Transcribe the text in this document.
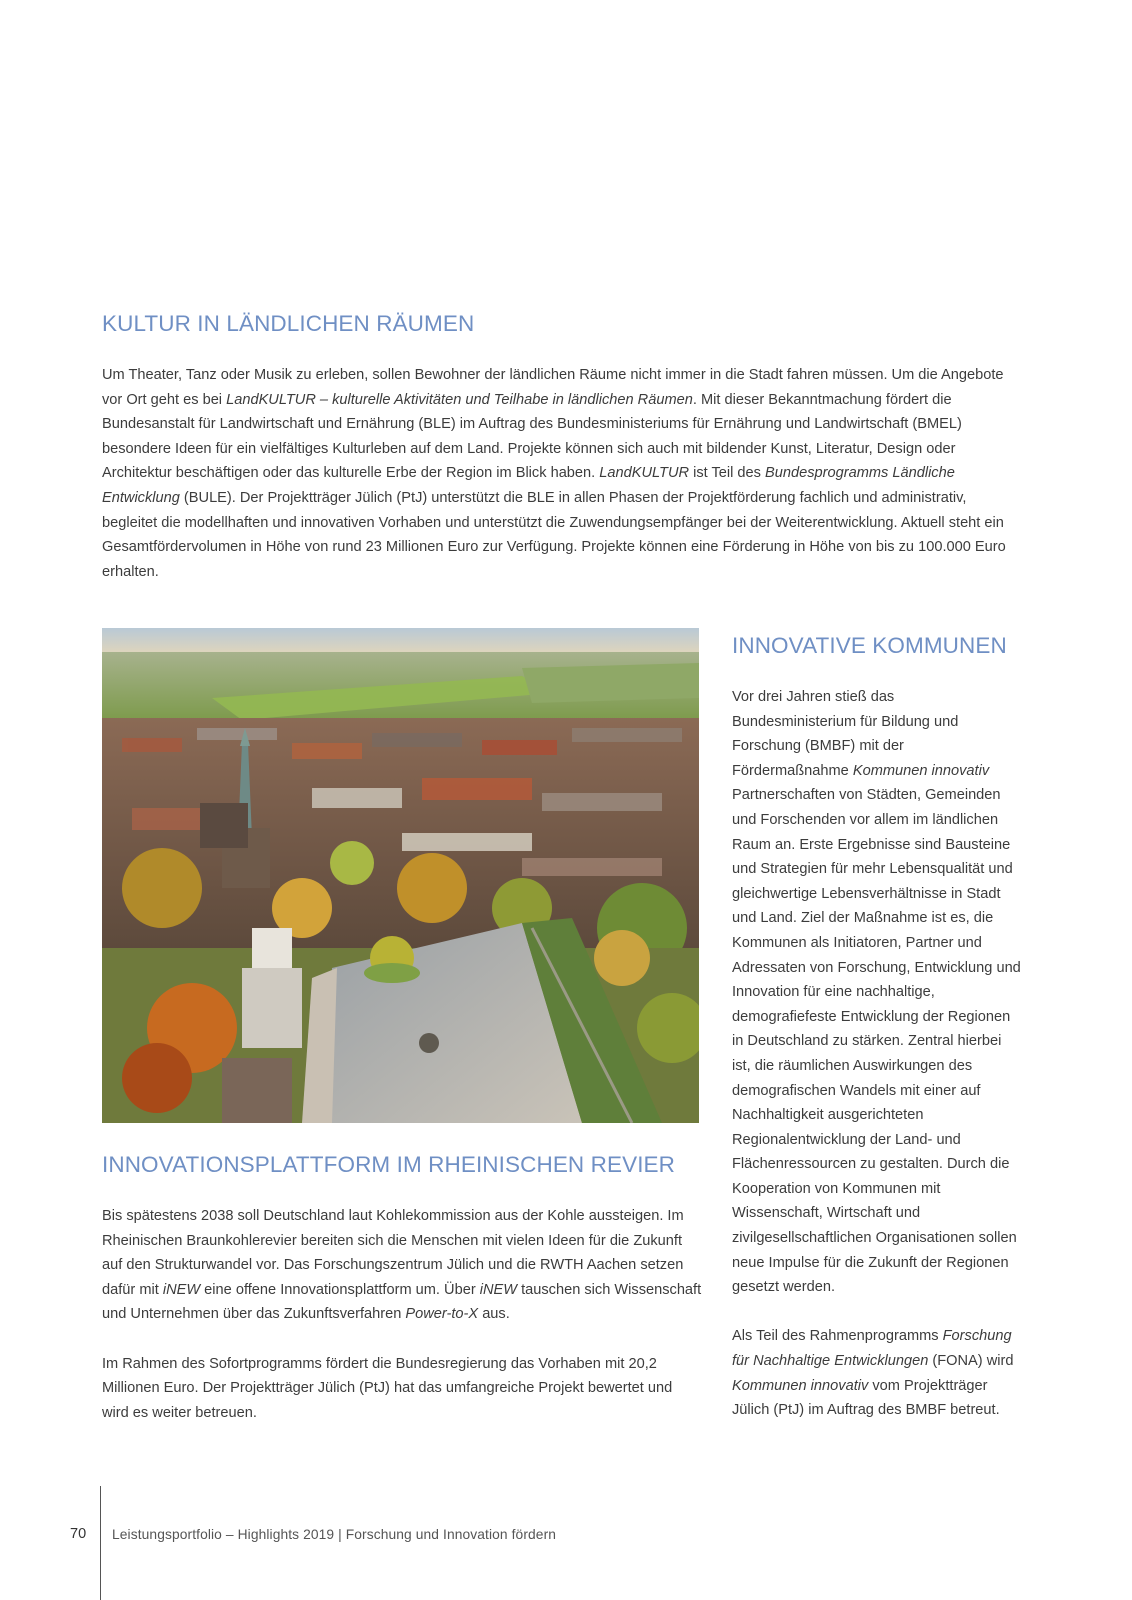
KULTUR IN LÄNDLICHEN RÄUMEN

Um Theater, Tanz oder Musik zu erleben, sollen Bewohner der ländlichen Räume nicht immer in die Stadt fahren müssen. Um die Angebote vor Ort geht es bei LandKULTUR – kulturelle Aktivitäten und Teilhabe in ländlichen Räumen. Mit dieser Bekanntmachung fördert die Bundesanstalt für Landwirtschaft und Ernährung (BLE) im Auftrag des Bundesministeriums für Ernährung und Landwirtschaft (BMEL) besondere Ideen für ein vielfältiges Kulturleben auf dem Land. Projekte können sich auch mit bildender Kunst, Literatur, Design oder Architektur beschäftigen oder das kulturelle Erbe der Region im Blick haben. LandKULTUR ist Teil des Bundesprogramms Ländliche Entwicklung (BULE). Der Projektträger Jülich (PtJ) unterstützt die BLE in allen Phasen der Projektförderung fachlich und administrativ, begleitet die modellhaften und innovativen Vorhaben und unterstützt die Zuwendungsempfänger bei der Weiterentwicklung. Aktuell steht ein Gesamtfördervolumen in Höhe von rund 23 Millionen Euro zur Verfügung. Projekte können eine Förderung in Höhe von bis zu 100.000 Euro erhalten.

INNOVATIONSPLATTFORM IM RHEINISCHEN REVIER

Bis spätestens 2038 soll Deutschland laut Kohlekommission aus der Kohle aussteigen. Im Rheinischen Braunkohlerevier bereiten sich die Menschen mit vielen Ideen für die Zukunft auf den Strukturwandel vor. Das Forschungszentrum Jülich und die RWTH Aachen setzen dafür mit iNEW eine offene Innovationsplattform um. Über iNEW tauschen sich Wissenschaft und Unternehmen über das Zukunftsverfahren Power-to-X aus.

Im Rahmen des Sofortprogramms fördert die Bundesregierung das Vorhaben mit 20,2 Millionen Euro. Der Projektträger Jülich (PtJ) hat das umfangreiche Projekt bewertet und wird es weiter betreuen.

INNOVATIVE KOMMUNEN

Vor drei Jahren stieß das Bundesministerium für Bildung und Forschung (BMBF) mit der Fördermaßnahme Kommunen innovativ Partnerschaften von Städten, Gemeinden und Forschenden vor allem im ländlichen Raum an. Erste Ergebnisse sind Bausteine und Strategien für mehr Lebensqualität und gleichwertige Lebensverhältnisse in Stadt und Land. Ziel der Maßnahme ist es, die Kommunen als Initiatoren, Partner und Adressaten von Forschung, Entwicklung und Innovation für eine nachhaltige, demografiefeste Entwicklung der Regionen in Deutschland zu stärken. Zentral hierbei ist, die räumlichen Auswirkungen des demografischen Wandels mit einer auf Nachhaltigkeit ausgerichteten Regionalentwicklung der Land- und Flächenressourcen zu gestalten. Durch die Kooperation von Kommunen mit Wissenschaft, Wirtschaft und zivilgesellschaftlichen Organisationen sollen neue Impulse für die Zukunft der Regionen gesetzt werden.

Als Teil des Rahmenprogramms Forschung für Nachhaltige Entwicklungen (FONA) wird Kommunen innovativ vom Projektträger Jülich (PtJ) im Auftrag des BMBF betreut.

70 Leistungsportfolio – Highlights 2019 | Forschung und Innovation fördern
